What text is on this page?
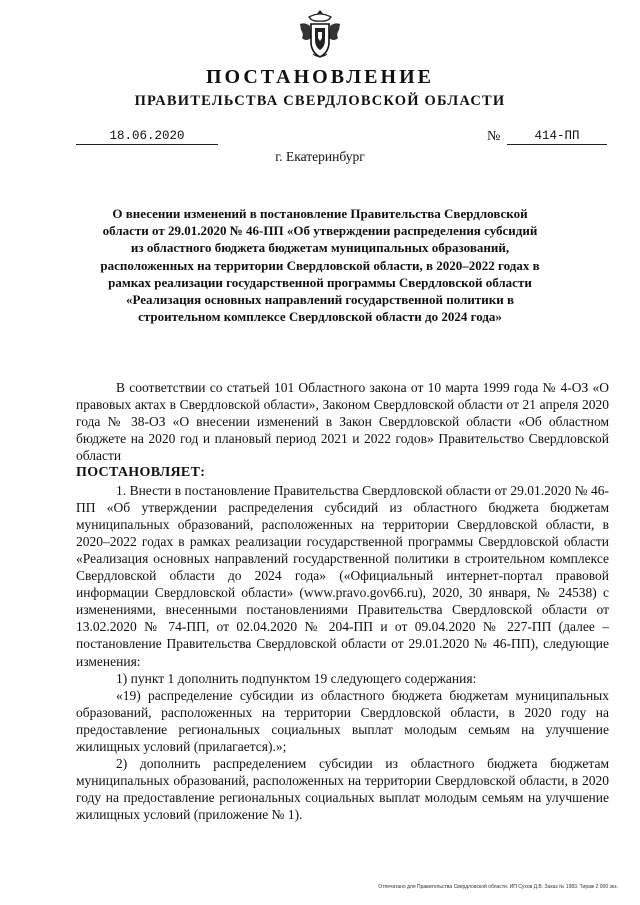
ПОСТАНОВЛЕНИЕ
ПРАВИТЕЛЬСТВА СВЕРДЛОВСКОЙ ОБЛАСТИ
18.06.2020	№	414-ПП
г. Екатеринбург
О внесении изменений в постановление Правительства Свердловской области от 29.01.2020 № 46-ПП «Об утверждении распределения субсидий из областного бюджета бюджетам муниципальных образований, расположенных на территории Свердловской области, в 2020–2022 годах в рамках реализации государственной программы Свердловской области «Реализация основных направлений государственной политики в строительном комплексе Свердловской области до 2024 года»

В соответствии со статьей 101 Областного закона от 10 марта 1999 года № 4-ОЗ «О правовых актах в Свердловской области», Законом Свердловской области от 21 апреля 2020 года № 38-ОЗ «О внесении изменений в Закон Свердловской области «Об областном бюджете на 2020 год и плановый период 2021 и 2022 годов» Правительство Свердловской области

ПОСТАНОВЛЯЕТ:

1. Внести в постановление Правительства Свердловской области от 29.01.2020 № 46-ПП «Об утверждении распределения субсидий из областного бюджета бюджетам муниципальных образований, расположенных на территории Свердловской области, в 2020–2022 годах в рамках реализации государственной программы Свердловской области «Реализация основных направлений государственной политики в строительном комплексе Свердловской области до 2024 года» («Официальный интернет-портал правовой информации Свердловской области» (www.pravo.gov66.ru), 2020, 30 января, № 24538) с изменениями, внесенными постановлениями Правительства Свердловской области от 13.02.2020 № 74-ПП, от 02.04.2020 № 204-ПП и от 09.04.2020 № 227-ПП (далее – постановление Правительства Свердловской области от 29.01.2020 № 46-ПП), следующие изменения:

1) пункт 1 дополнить подпунктом 19 следующего содержания:

«19) распределение субсидии из областного бюджета бюджетам муниципальных образований, расположенных на территории Свердловской области, в 2020 году на предоставление региональных социальных выплат молодым семьям на улучшение жилищных условий (прилагается).»;

2) дополнить распределением субсидии из областного бюджета бюджетам муниципальных образований, расположенных на территории Свердловской области, в 2020 году на предоставление региональных социальных выплат молодым семьям на улучшение жилищных условий (приложение № 1).

Отпечатано для Правительства Свердловской области. ИП Сухов Д.В. Заказ № 1983. Тираж 2 000 экз.
